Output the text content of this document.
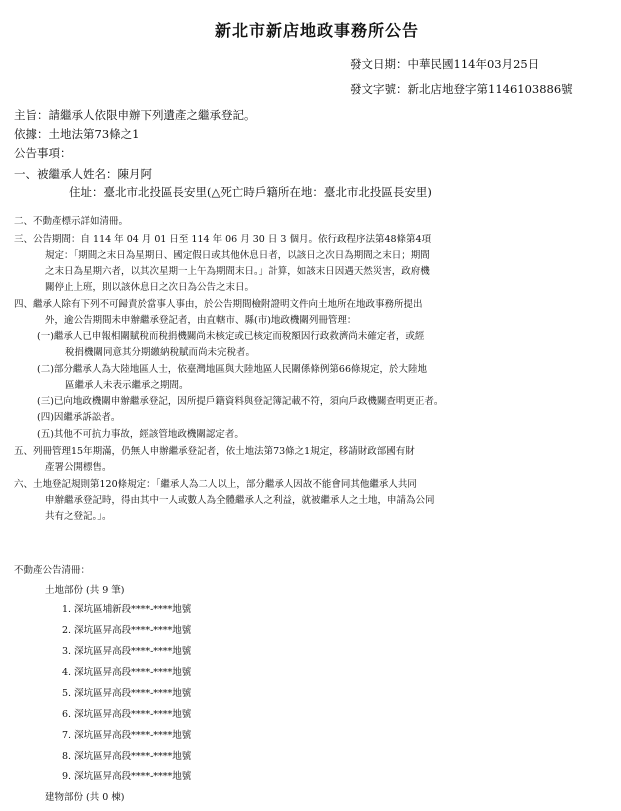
新北市新店地政事務所公告
發文日期：中華民國114年03月25日
發文字號：新北店地登字第1146103886號
主旨：請繼承人依限申辦下列遺產之繼承登記。
依據：土地法第73條之1
公告事項：
一、被繼承人姓名：陳月阿
住址：臺北市北投區長安里(△死亡時戶籍所在地：臺北市北投區長安里)
二、不動產標示詳如清冊。
三、公告期間：自 114 年 04 月 01 日至 114 年 06 月 30 日 3 個月。依行政程序法第48條第4項
規定：「期間之末日為星期日、國定假日或其他休息日者，以該日之次日為期間之末日；期間
之末日為星期六者，以其次星期一上午為期間末日。」計算，如該末日因遇天然災害，政府機
關停止上班，則以該休息日之次日為公告之末日。
四、繼承人除有下列不可歸責於當事人事由，於公告期間檢附證明文件向土地所在地政事務所提出
外，逾公告期間未申辦繼承登記者，由直轄市、縣(市)地政機關列冊管理：
(一)繼承人已申報相關賦稅而稅捐機關尚未核定或已核定而稅額因行政救濟尚未確定者，或經
稅捐機關同意其分期繳納稅賦而尚未完稅者。
(二)部分繼承人為大陸地區人士，依臺灣地區與大陸地區人民關係條例第66條規定，於大陸地
區繼承人未表示繼承之期間。
(三)已向地政機關申辦繼承登記，因所提戶籍資料與登記簿記載不符，須向戶政機關查明更正者。
(四)因繼承訴訟者。
(五)其他不可抗力事故，經該管地政機關認定者。
五、列冊管理15年期滿，仍無人申辦繼承登記者，依土地法第73條之1規定，移請財政部國有財
產署公開標售。
六、土地登記規則第120條規定：「繼承人為二人以上，部分繼承人因故不能會同其他繼承人共同
申辦繼承登記時，得由其中一人或數人為全體繼承人之利益，就被繼承人之土地，申請為公同
共有之登記。」。
不動產公告清冊：
土地部份 (共 9 筆)
1. 深坑區埔新段****-****地號
2. 深坑區昇高段****-****地號
3. 深坑區昇高段****-****地號
4. 深坑區昇高段****-****地號
5. 深坑區昇高段****-****地號
6. 深坑區昇高段****-****地號
7. 深坑區昇高段****-****地號
8. 深坑區昇高段****-****地號
9. 深坑區昇高段****-****地號
建物部份 (共 0 棟)
